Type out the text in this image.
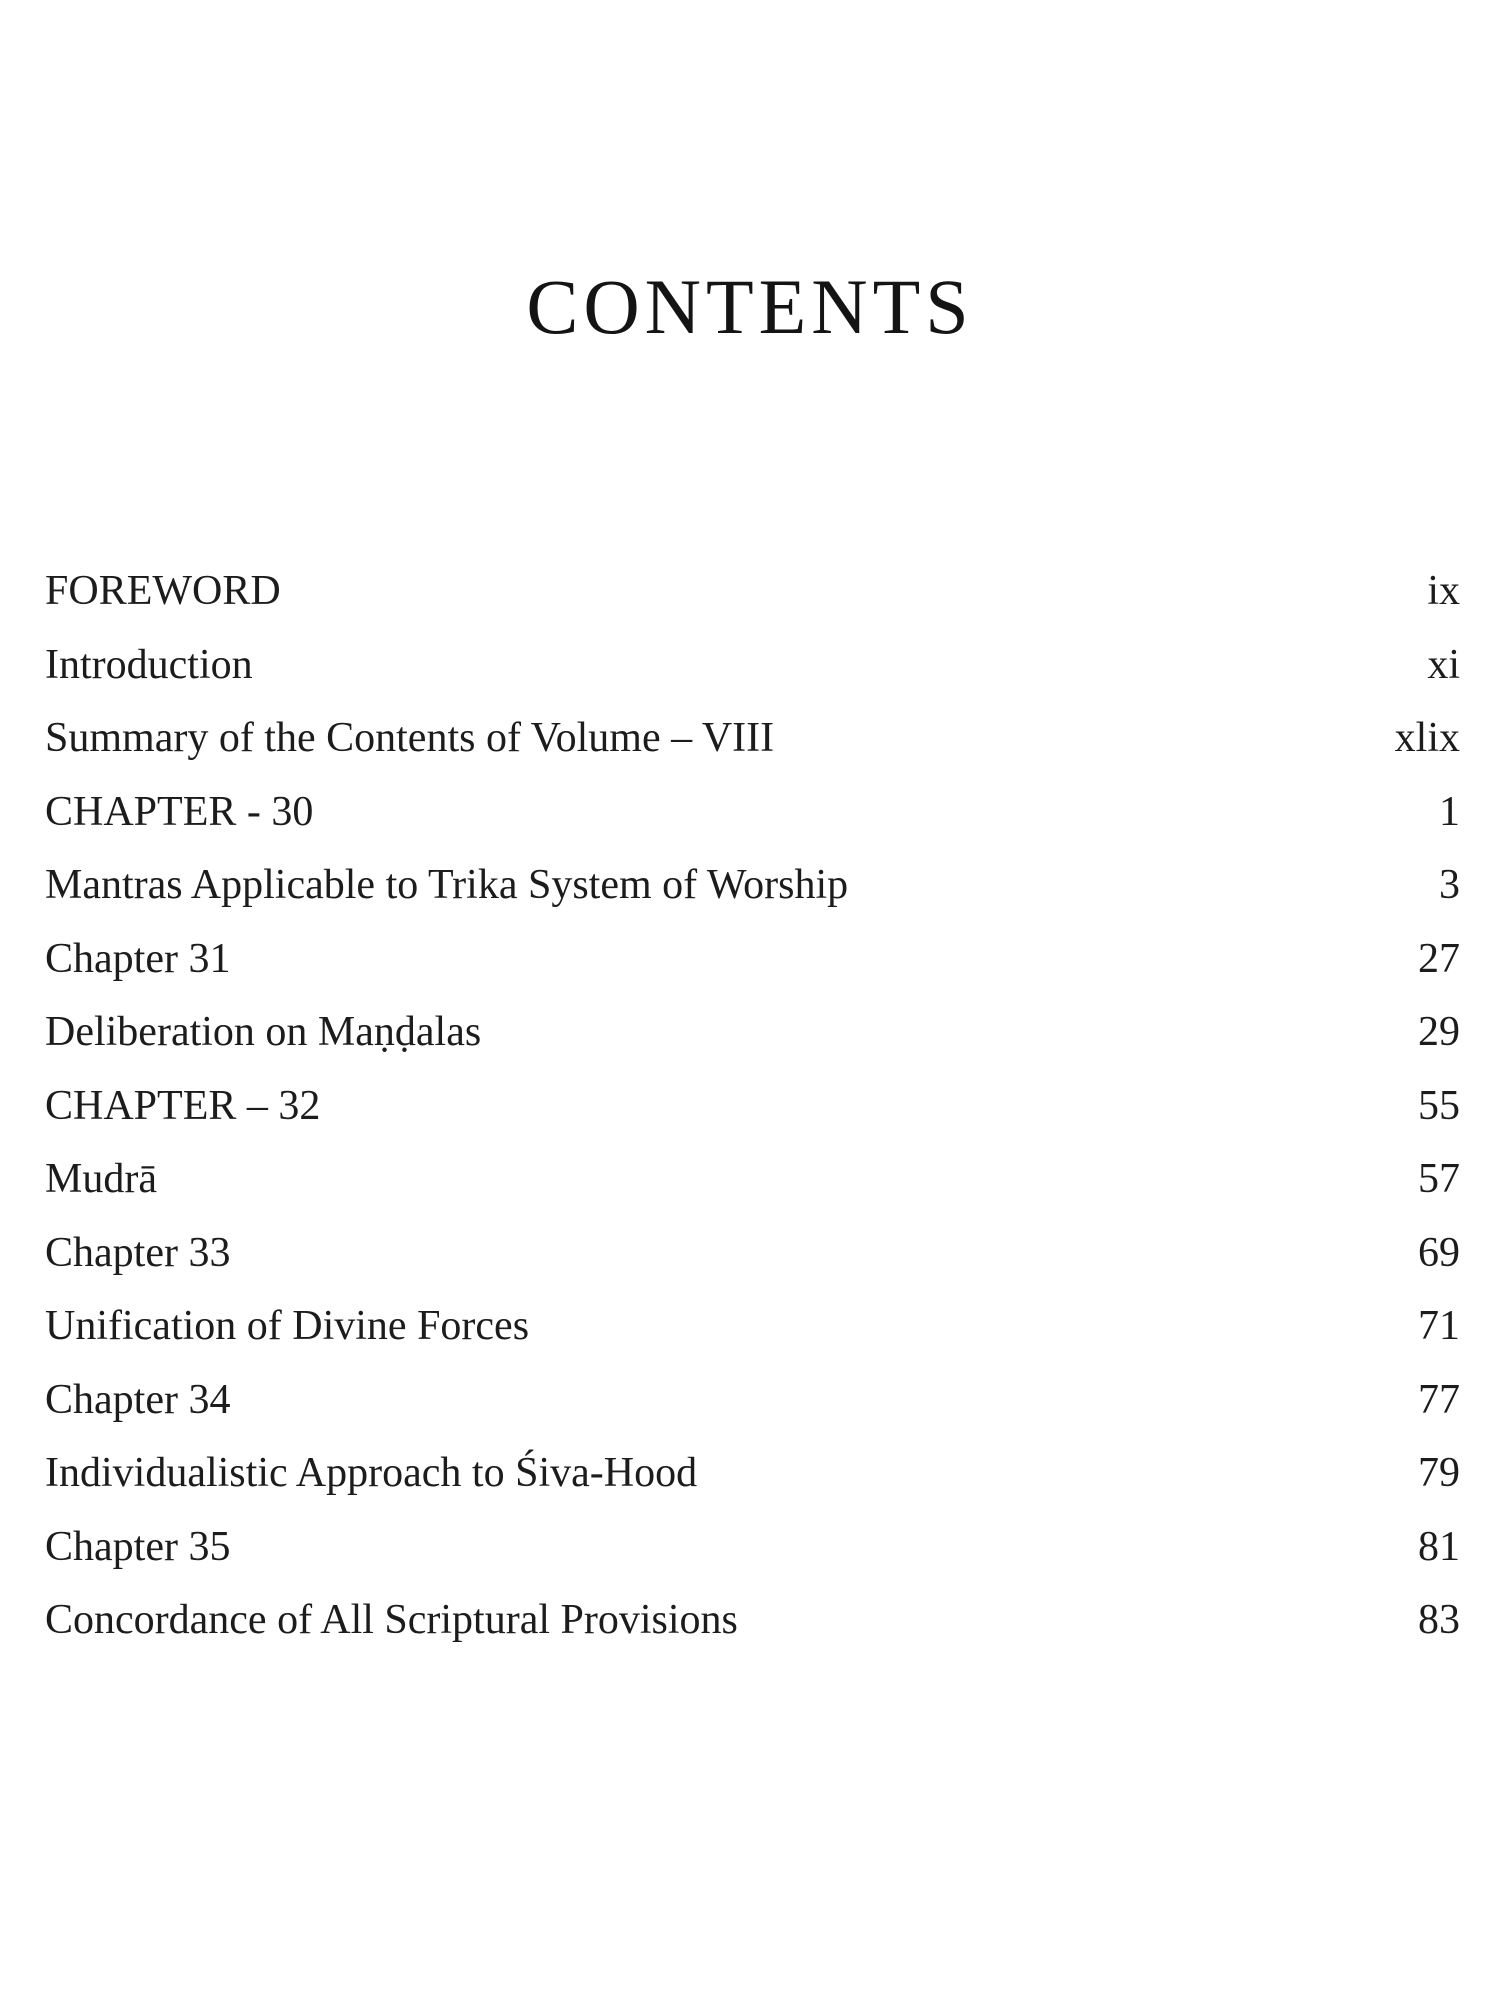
CONTENTS
FOREWORD	ix
Introduction	xi
Summary of the Contents of Volume – VIII	xlix
CHAPTER - 30	1
Mantras Applicable to Trika System of Worship	3
Chapter 31	27
Deliberation on Maṇḍalas	29
CHAPTER – 32	55
Mudrā	57
Chapter 33	69
Unification of Divine Forces	71
Chapter 34	77
Individualistic Approach to Śiva-Hood	79
Chapter 35	81
Concordance of All Scriptural Provisions	83
